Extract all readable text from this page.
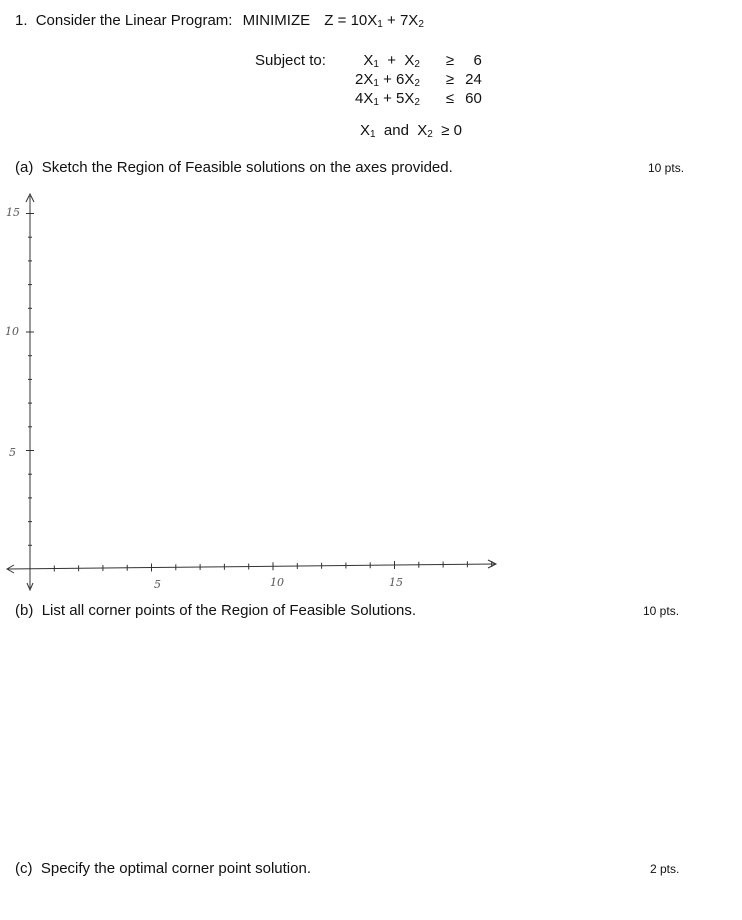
1. Consider the Linear Program: MINIMIZE $Z = 10X_1 + 7X_2$
Subject to: $X_1 + X_2 \ge 6$
$2X_1 + 6X_2 \ge 24$
$4X_1 + 5X_2 \le 60$
$X_1$ and  $X_2 \ge 0$
(a) Sketch the Region of Feasible solutions on the axes provided.	10 pts.
15
10
5
5	10	15
(b) List all corner points of the Region of Feasible Solutions.	10 pts.
(c) Specify the optimal corner point solution.	2 pts.
